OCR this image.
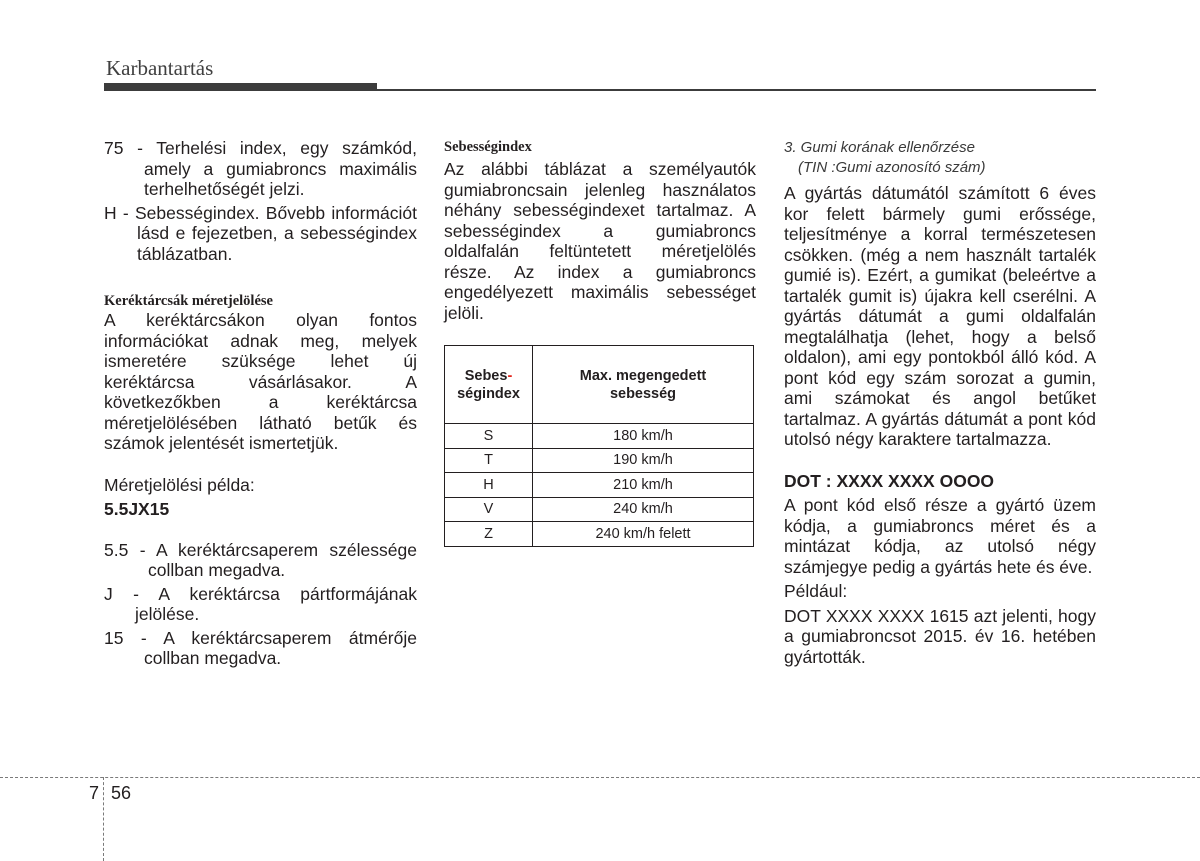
Karbantartás

75 - Terhelési index, egy számkód, amely a gumiabroncs maximális terhelhetőségét jelzi.

H - Sebességindex. Bővebb információt lásd e fejezetben, a sebességindex táblázatban.

Keréktárcsák méretjelölése

A keréktárcsákon olyan fontos információkat adnak meg, melyek ismeretére szüksége lehet új keréktárcsa vásárlásakor. A következőkben a keréktárcsa méretjelölésében látható betűk és számok jelentését ismertetjük.

Méretjelölési példa:

5.5JX15

5.5 - A keréktárcsaperem szélessége collban megadva.

J - A keréktárcsa pártformájának jelölése.

15 - A keréktárcsaperem átmérője collban megadva.

Sebességindex

Az alábbi táblázat a személyautók gumiabroncsain jelenleg használatos néhány sebességindexet tartalmaz. A sebességindex a gumiabroncs oldalfalán feltüntetett méretjelölés része. Az index a gumiabroncs engedélyezett maximális sebességet jelöli.

Sebes-
ségindex	Max. megengedett sebesség
S	180 km/h
T	190 km/h
H	210 km/h
V	240 km/h
Z	240 km/h felett

3. Gumi korának ellenőrzése

(TIN :Gumi azonosító szám)

A gyártás dátumától számított 6 éves kor felett bármely gumi erőssége, teljesítménye a korral természetesen csökken. (még a nem használt tartalék gumié is). Ezért, a gumikat (beleértve a tartalék gumit is) újakra kell cserélni. A gyártás dátumát a gumi oldalfalán megtalálhatja (lehet, hogy a belső oldalon), ami egy pontokból álló kód. A pont kód egy szám sorozat a gumin, ami számokat és angol betűket tartalmaz. A gyártás dátumát a pont kód utolsó négy karaktere tartalmazza.

DOT : XXXX XXXX OOOO

A pont kód első része a gyártó üzem kódja, a gumiabroncs méret és a mintázat kódja, az utolsó négy számjegye pedig a gyártás hete és éve.

Például:

DOT XXXX XXXX 1615 azt jelenti, hogy a gumiabroncsot 2015. év 16. hetében gyártották.

7 56
